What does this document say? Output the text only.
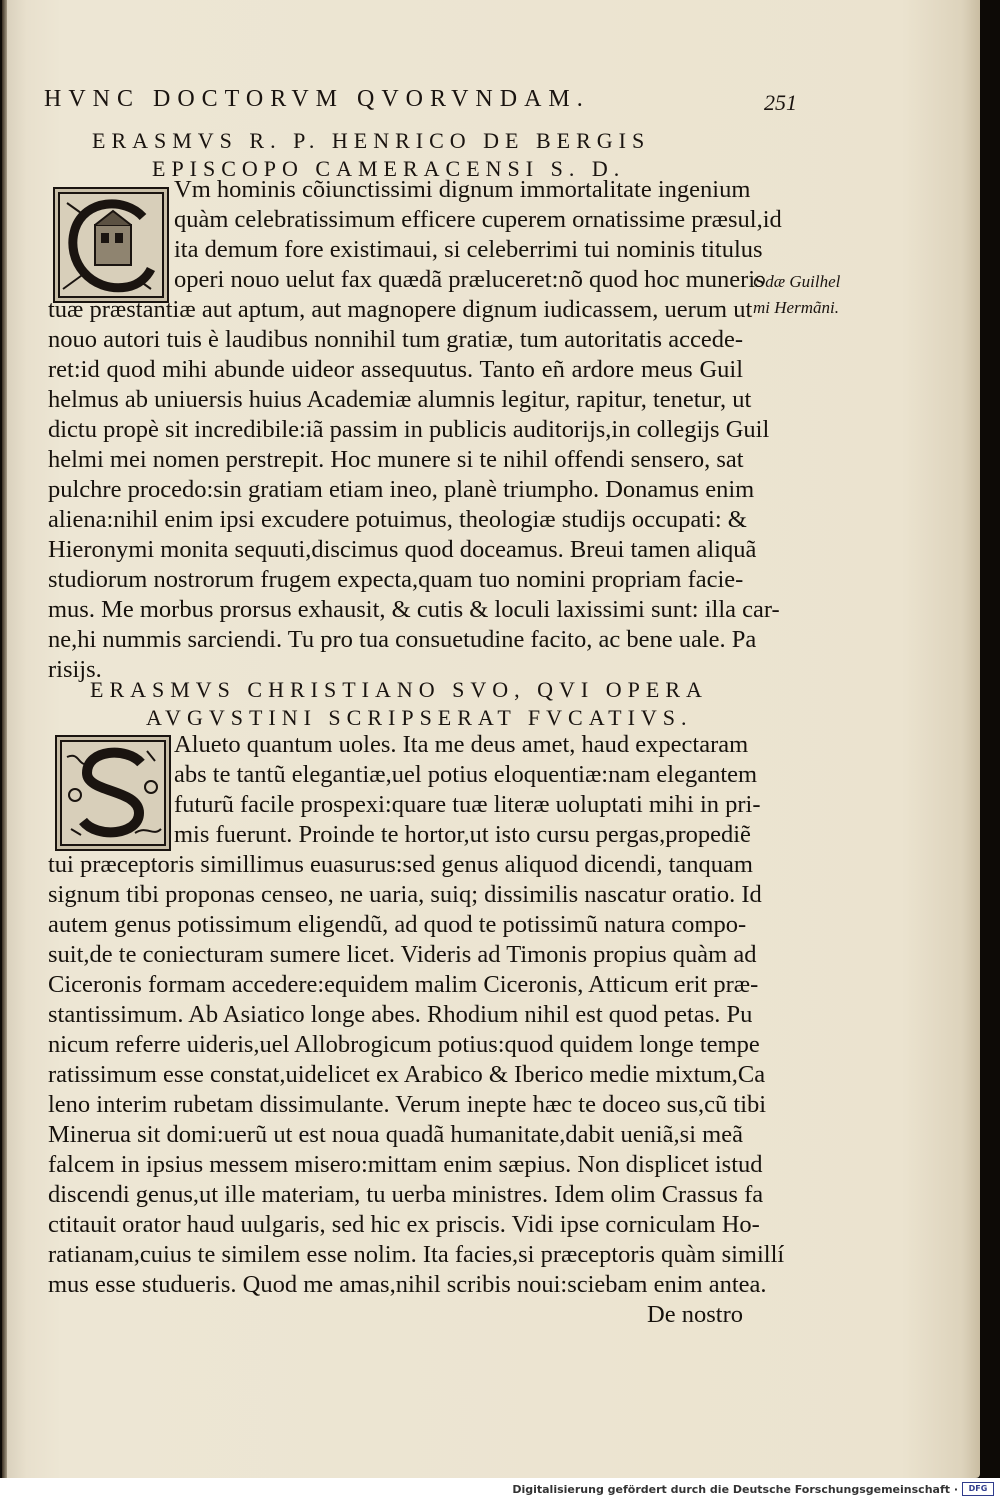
HVNC DOCTORVM QVORVNDAM.	251
ERASMVS R. P. HENRICO DE BERGIS
EPISCOPO CAMERACENSI S. D.
Vm hominis cõiunctissimi dignum immortalitate ingenium
quàm celebratissimum efficere cuperem ornatissime præsul,id
ita demum fore existimaui, si celeberrimi tui nominis titulus
operi nouo uelut fax quædã præluceret:nõ quod hoc muneris
tuæ præstantiæ aut aptum, aut magnopere dignum iudicassem, uerum ut
nouo autori tuis è laudibus nonnihil tum gratiæ, tum autoritatis accede-
ret:id quod mihi abunde uideor assequutus. Tanto eñ ardore meus Guil
helmus ab uniuersis huius Academiæ alumnis legitur, rapitur, tenetur, ut
dictu propè sit incredibile:iã passim in publicis auditorijs,in collegijs Guil
helmi mei nomen perstrepit. Hoc munere si te nihil offendi sensero, sat
pulchre procedo:sin gratiam etiam ineo, planè triumpho. Donamus enim
aliena:nihil enim ipsi excudere potuimus, theologiæ studijs occupati: &
Hieronymi monita sequuti,discimus quod doceamus. Breui tamen aliquã
studiorum nostrorum frugem expecta,quam tuo nomini propriam facie-
mus. Me morbus prorsus exhausit, & cutis & loculi laxissimi sunt: illa car-
ne,hi nummis sarciendi. Tu pro tua consuetudine facito, ac bene uale. Pa
risijs.
Odæ Guilhel
mi Hermãni.
ERASMVS CHRISTIANO SVO, QVI OPERA
AVGVSTINI SCRIPSERAT FVCATIVS.
Alueto quantum uoles. Ita me deus amet, haud expectaram
abs te tantũ elegantiæ,uel potius eloquentiæ:nam elegantem
futurũ facile prospexi:quare tuæ literæ uoluptati mihi in pri-
mis fuerunt. Proinde te hortor,ut isto cursu pergas,propediẽ
tui præceptoris simillimus euasurus:sed genus aliquod dicendi, tanquam
signum tibi proponas censeo, ne uaria, suiq; dissimilis nascatur oratio. Id
autem genus potissimum eligendũ, ad quod te potissimũ natura compo-
suit,de te coniecturam sumere licet. Videris ad Timonis propius quàm ad
Ciceronis formam accedere:equidem malim Ciceronis, Atticum erit præ-
stantissimum. Ab Asiatico longe abes. Rhodium nihil est quod petas. Pu
nicum referre uideris,uel Allobrogicum potius:quod quidem longe tempe
ratissimum esse constat,uidelicet ex Arabico & Iberico medie mixtum,Ca
leno interim rubetam dissimulante. Verum inepte hæc te doceo sus,cũ tibi
Minerua sit domi:uerũ ut est noua quadã humanitate,dabit ueniã,si meã
falcem in ipsius messem misero:mittam enim sæpius. Non displicet istud
discendi genus,ut ille materiam, tu uerba ministres. Idem olim Crassus fa
ctitauit orator haud uulgaris, sed hic ex priscis. Vidi ipse corniculam Ho-
ratianam,cuius te similem esse nolim. Ita facies,si præceptoris quàm simillí
mus esse studueris. Quod me amas,nihil scribis noui:sciebam enim antea.
De nostro
Digitalisierung gefördert durch die Deutsche Forschungsgemeinschaft ·	DFG
